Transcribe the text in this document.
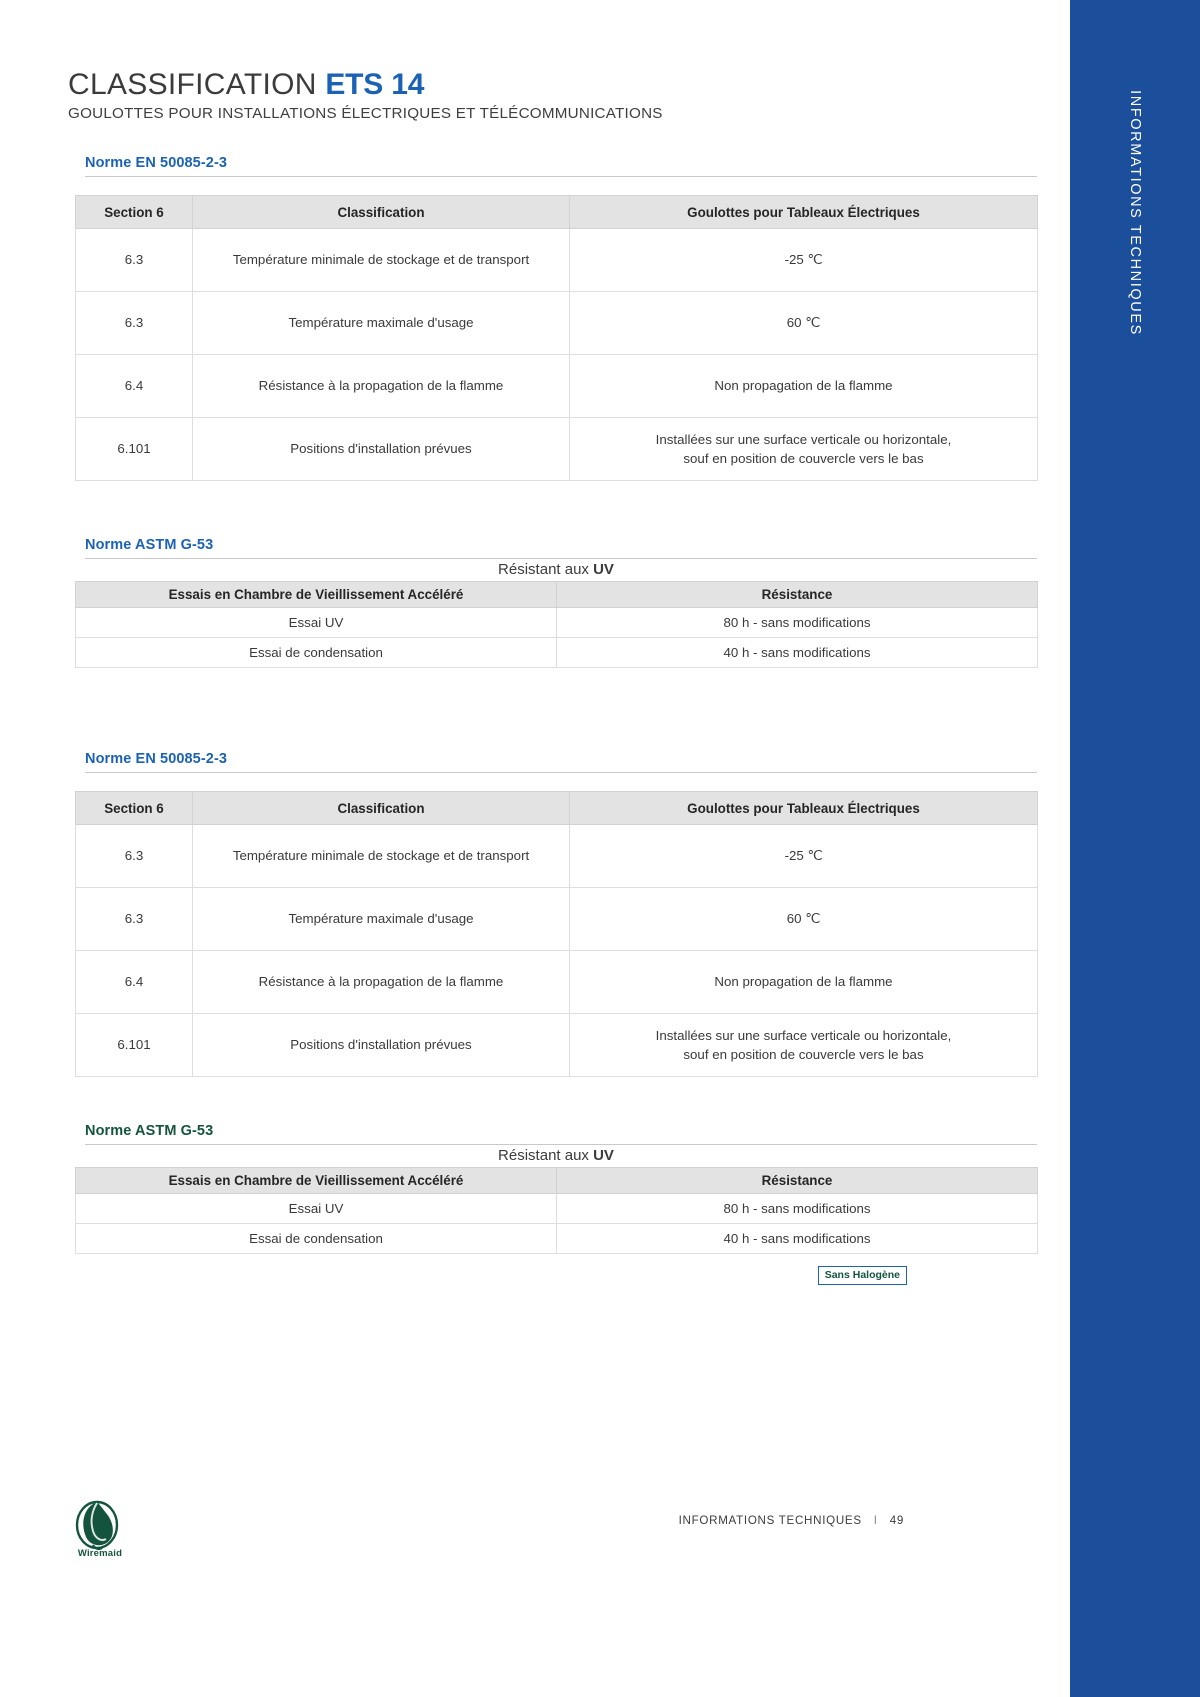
INFORMATIONS TECHNIQUES
CLASSIFICATION ETS 14
GOULOTTES POUR INSTALLATIONS ÉLECTRIQUES ET TÉLÉCOMMUNICATIONS
Norme EN 50085-2-3
Section 6	Classification	Goulottes pour Tableaux Électriques
6.3	Température minimale de stockage et de transport	-25 ℃
6.3	Température maximale d'usage	60 ℃
6.4	Résistance à la propagation de la flamme	Non propagation de la flamme
6.101	Positions d'installation prévues	Installées sur une surface verticale ou horizontale,
souf en position de couvercle vers le bas
Norme ASTM G-53
Résistant aux UV
Essais en Chambre de Vieillissement Accéléré	Résistance
Essai UV	80 h - sans modifications
Essai de condensation	40 h - sans modifications
Norme EN 50085-2-3
Section 6	Classification	Goulottes pour Tableaux Électriques
6.3	Température minimale de stockage et de transport	-25 ℃
6.3	Température maximale d'usage	60 ℃
6.4	Résistance à la propagation de la flamme	Non propagation de la flamme
6.101	Positions d'installation prévues	Installées sur une surface verticale ou horizontale,
souf en position de couvercle vers le bas
Norme ASTM G-53
Résistant aux UV
Essais en Chambre de Vieillissement Accéléré	Résistance
Essai UV	80 h - sans modifications
Essai de condensation	40 h - sans modifications
Sans Halogène
INFORMATIONS TECHNIQUES I 49
Wiremaid
